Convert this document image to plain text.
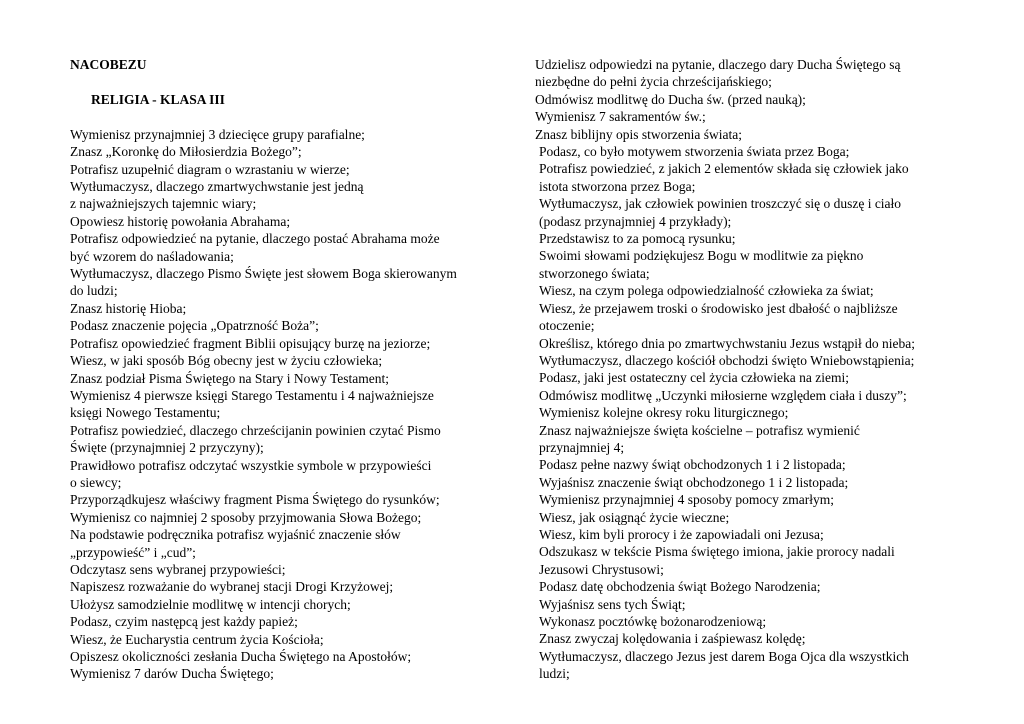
NACOBEZU
RELIGIA - KLASA III
Wymienisz przynajmniej 3 dziecięce grupy parafialne;
Znasz „Koronkę do Miłosierdzia Bożego”;
Potrafisz uzupełnić diagram o wzrastaniu w wierze;
Wytłumaczysz, dlaczego zmartwychwstanie jest jedną
z najważniejszych tajemnic wiary;
Opowiesz historię powołania Abrahama;
Potrafisz odpowiedzieć na pytanie, dlaczego postać Abrahama może
być wzorem do naśladowania;
Wytłumaczysz, dlaczego Pismo Święte jest słowem Boga skierowanym
do ludzi;
Znasz historię Hioba;
Podasz znaczenie pojęcia „Opatrzność Boża”;
Potrafisz opowiedzieć fragment Biblii opisujący burzę na jeziorze;
Wiesz, w jaki sposób Bóg obecny jest w życiu człowieka;
Znasz podział Pisma Świętego na Stary i Nowy Testament;
Wymienisz 4 pierwsze księgi Starego Testamentu i 4 najważniejsze
księgi Nowego Testamentu;
Potrafisz powiedzieć, dlaczego chrześcijanin powinien czytać Pismo
Święte (przynajmniej 2 przyczyny);
Prawidłowo potrafisz odczytać wszystkie symbole w przypowieści
o siewcy;
Przyporządkujesz właściwy fragment Pisma Świętego do rysunków;
Wymienisz co najmniej 2 sposoby przyjmowania Słowa Bożego;
Na podstawie podręcznika potrafisz wyjaśnić znaczenie słów
„przypowieść” i „cud”;
Odczytasz sens wybranej przypowieści;
Napiszesz rozważanie do wybranej stacji Drogi Krzyżowej;
Ułożysz samodzielnie modlitwę w intencji chorych;
Podasz, czyim następcą jest każdy papież;
Wiesz, że Eucharystia centrum życia Kościoła;
Opiszesz okoliczności zesłania Ducha Świętego na Apostołów;
Wymienisz 7 darów Ducha Świętego;
Udzielisz odpowiedzi na pytanie, dlaczego dary Ducha Świętego są
niezbędne do pełni życia chrześcijańskiego;
Odmówisz modlitwę do Ducha św. (przed nauką);
Wymienisz 7 sakramentów św.;
Znasz biblijny opis stworzenia świata;
Podasz, co było motywem stworzenia świata przez Boga;
Potrafisz powiedzieć, z jakich 2 elementów składa się człowiek jako
istota stworzona przez Boga;
Wytłumaczysz, jak człowiek powinien troszczyć się o duszę i ciało
(podasz przynajmniej 4 przykłady);
Przedstawisz to za pomocą rysunku;
Swoimi słowami podziękujesz Bogu w modlitwie za piękno
stworzonego świata;
Wiesz, na czym polega odpowiedzialność człowieka za świat;
Wiesz, że przejawem troski o środowisko jest dbałość o najbliższe
otoczenie;
Określisz, którego dnia po zmartwychwstaniu Jezus wstąpił do nieba;
Wytłumaczysz, dlaczego kościół obchodzi święto Wniebowstąpienia;
Podasz, jaki jest ostateczny cel życia człowieka na ziemi;
Odmówisz modlitwę „Uczynki miłosierne względem ciała i duszy”;
Wymienisz kolejne okresy roku liturgicznego;
Znasz najważniejsze święta kościelne – potrafisz wymienić
przynajmniej 4;
Podasz pełne nazwy świąt obchodzonych 1 i 2 listopada;
Wyjaśnisz znaczenie świąt obchodzonego 1 i 2 listopada;
Wymienisz przynajmniej 4 sposoby pomocy zmarłym;
Wiesz, jak osiągnąć życie wieczne;
Wiesz, kim byli prorocy i że zapowiadali oni Jezusa;
Odszukasz w tekście Pisma świętego imiona, jakie prorocy nadali
Jezusowi Chrystusowi;
Podasz datę obchodzenia świąt Bożego Narodzenia;
Wyjaśnisz sens tych Świąt;
Wykonasz pocztówkę bożonarodzeniową;
Znasz zwyczaj kolędowania i zaśpiewasz kolędę;
Wytłumaczysz, dlaczego Jezus jest darem Boga Ojca dla wszystkich
ludzi;
